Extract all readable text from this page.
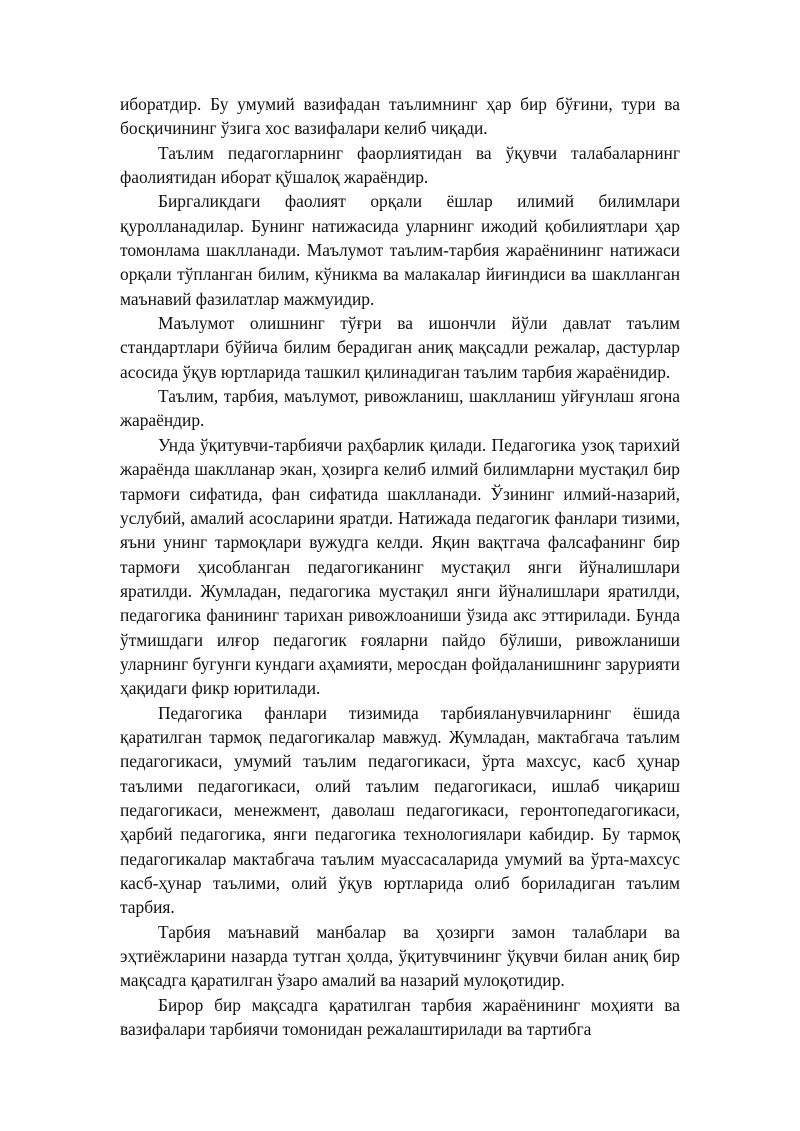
иборатдир. Бу умумий вазифадан таълимнинг ҳар бир бўғини, тури ва босқичининг ўзига хос вазифалари келиб чиқади.

Таълим педагогларнинг фаорлиятидан ва ўқувчи талабаларнинг фаолиятидан иборат қўшалоқ жараёндир.

Биргаликдаги фаолият орқали ёшлар илимий билимлари қуролланадилар. Бунинг натижасида уларнинг ижодий қобилиятлари ҳар томонлама шаклланади. Маълумот таълим-тарбия жараёнининг натижаси орқали тўпланган билим, кўникма ва малакалар йиғиндиси ва шаклланган маънавий фазилатлар мажмуидир.

Маълумот олишнинг тўғри ва ишончли йўли давлат таълим стандартлари бўйича билим берадиган аниқ мақсадли режалар, дастурлар асосида ўқув юртларида ташкил қилинадиган таълим тарбия жараёнидир.

Таълим, тарбия, маълумот, ривожланиш, шаклланиш уйғунлаш ягона жараёндир.

Унда ўқитувчи-тарбиячи раҳбарлик қилади. Педагогика узоқ тарихий жараёнда шаклланар экан, ҳозирга келиб илмий билимларни мустақил бир тармоғи сифатида, фан сифатида шаклланади. Ўзининг илмий-назарий, услубий, амалий асосларини яратди. Натижада педагогик фанлари тизими, яъни унинг тармоқлари вужудга келди. Яқин вақтгача фалсафанинг бир тармоғи ҳисобланган педагогиканинг мустақил янги йўналишлари яратилди. Жумладан, педагогика мустақил янги йўналишлари яратилди, педагогика фанининг тарихан ривожлоаниши ўзида акс эттирилади. Бунда ўтмишдаги илғор педагогик ғояларни пайдо бўлиши, ривожланиши уларнинг бугунги кундаги аҳамияти, меросдан фойдаланишнинг зарурияти ҳақидаги фикр юритилади.

Педагогика фанлари тизимида тарбияланувчиларнинг ёшида қаратилган тармоқ педагогикалар мавжуд. Жумладан, мактабгача таълим педагогикаси, умумий таълим педагогикаси, ўрта махсус, касб ҳунар таълими педагогикаси, олий таълим педагогикаси, ишлаб чиқариш педагогикаси, менежмент, даволаш педагогикаси, геронтопедагогикаси, ҳарбий педагогика, янги педагогика технологиялари кабидир. Бу тармоқ педагогикалар мактабгача таълим муассасаларида умумий ва ўрта-махсус касб-ҳунар таълими, олий ўқув юртларида олиб бориладиган таълим тарбия.

Тарбия маънавий манбалар ва ҳозирги замон талаблари ва эҳтиёжларини назарда тутган ҳолда, ўқитувчининг ўқувчи билан аниқ бир мақсадга қаратилган ўзаро амалий ва назарий мулоқотидир.

Бирор бир мақсадга қаратилган тарбия жараёнининг моҳияти ва вазифалари тарбиячи томонидан режалаштирилади ва тартибга
